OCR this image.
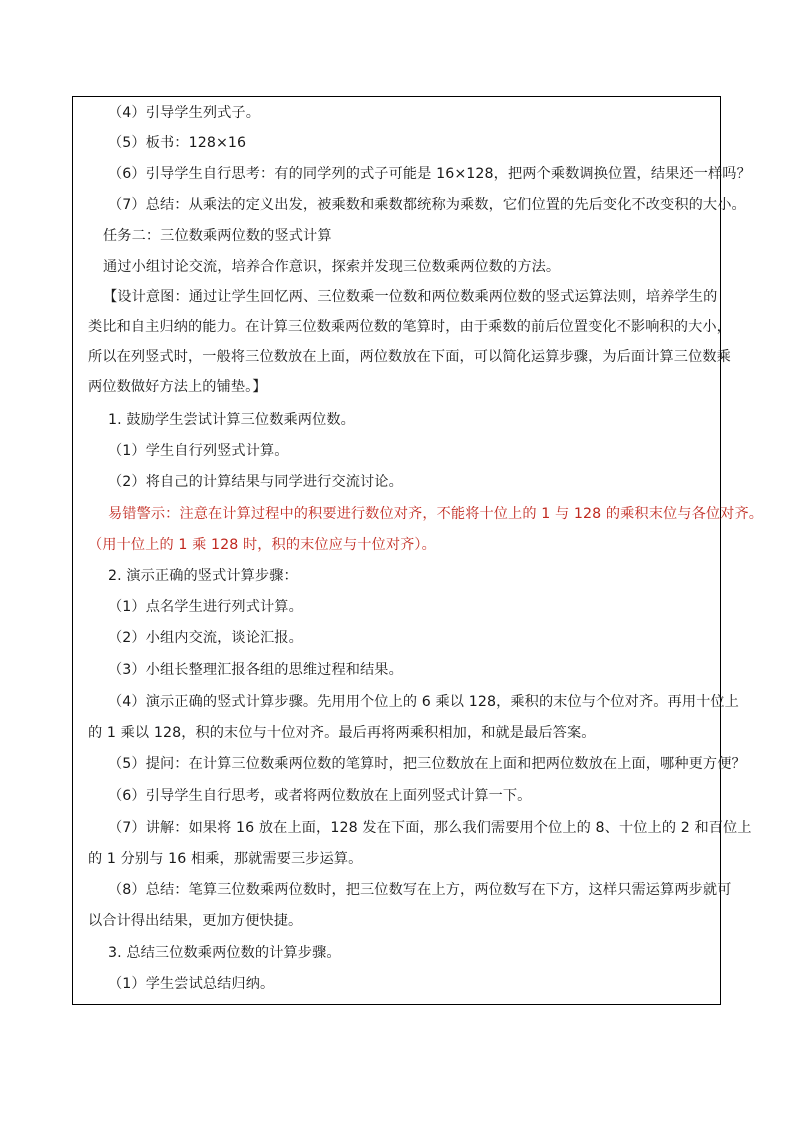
（4）引导学生列式子。
（5）板书：128×16
（6）引导学生自行思考：有的同学列的式子可能是 16×128，把两个乘数调换位置，结果还一样吗？
（7）总结：从乘法的定义出发，被乘数和乘数都统称为乘数，它们位置的先后变化不改变积的大小。
任务二：三位数乘两位数的竖式计算
通过小组讨论交流，培养合作意识，探索并发现三位数乘两位数的方法。
【设计意图：通过让学生回忆两、三位数乘一位数和两位数乘两位数的竖式运算法则，培养学生的
类比和自主归纳的能力。在计算三位数乘两位数的笔算时，由于乘数的前后位置变化不影响积的大小，
所以在列竖式时，一般将三位数放在上面，两位数放在下面，可以简化运算步骤，为后面计算三位数乘
两位数做好方法上的铺垫。】
1. 鼓励学生尝试计算三位数乘两位数。
（1）学生自行列竖式计算。
（2）将自己的计算结果与同学进行交流讨论。
易错警示：注意在计算过程中的积要进行数位对齐，不能将十位上的 1 与 128 的乘积末位与各位对齐。
（用十位上的 1 乘 128 时，积的末位应与十位对齐）。
2. 演示正确的竖式计算步骤：
（1）点名学生进行列式计算。
（2）小组内交流，谈论汇报。
（3）小组长整理汇报各组的思维过程和结果。
（4）演示正确的竖式计算步骤。先用用个位上的 6 乘以 128，乘积的末位与个位对齐。再用十位上
的 1 乘以 128，积的末位与十位对齐。最后再将两乘积相加，和就是最后答案。
（5）提问：在计算三位数乘两位数的笔算时，把三位数放在上面和把两位数放在上面，哪种更方便？
（6）引导学生自行思考，或者将两位数放在上面列竖式计算一下。
（7）讲解：如果将 16 放在上面，128 发在下面，那么我们需要用个位上的 8、十位上的 2 和百位上
的 1 分别与 16 相乘，那就需要三步运算。
（8）总结：笔算三位数乘两位数时，把三位数写在上方，两位数写在下方，这样只需运算两步就可
以合计得出结果，更加方便快捷。
3. 总结三位数乘两位数的计算步骤。
（1）学生尝试总结归纳。
